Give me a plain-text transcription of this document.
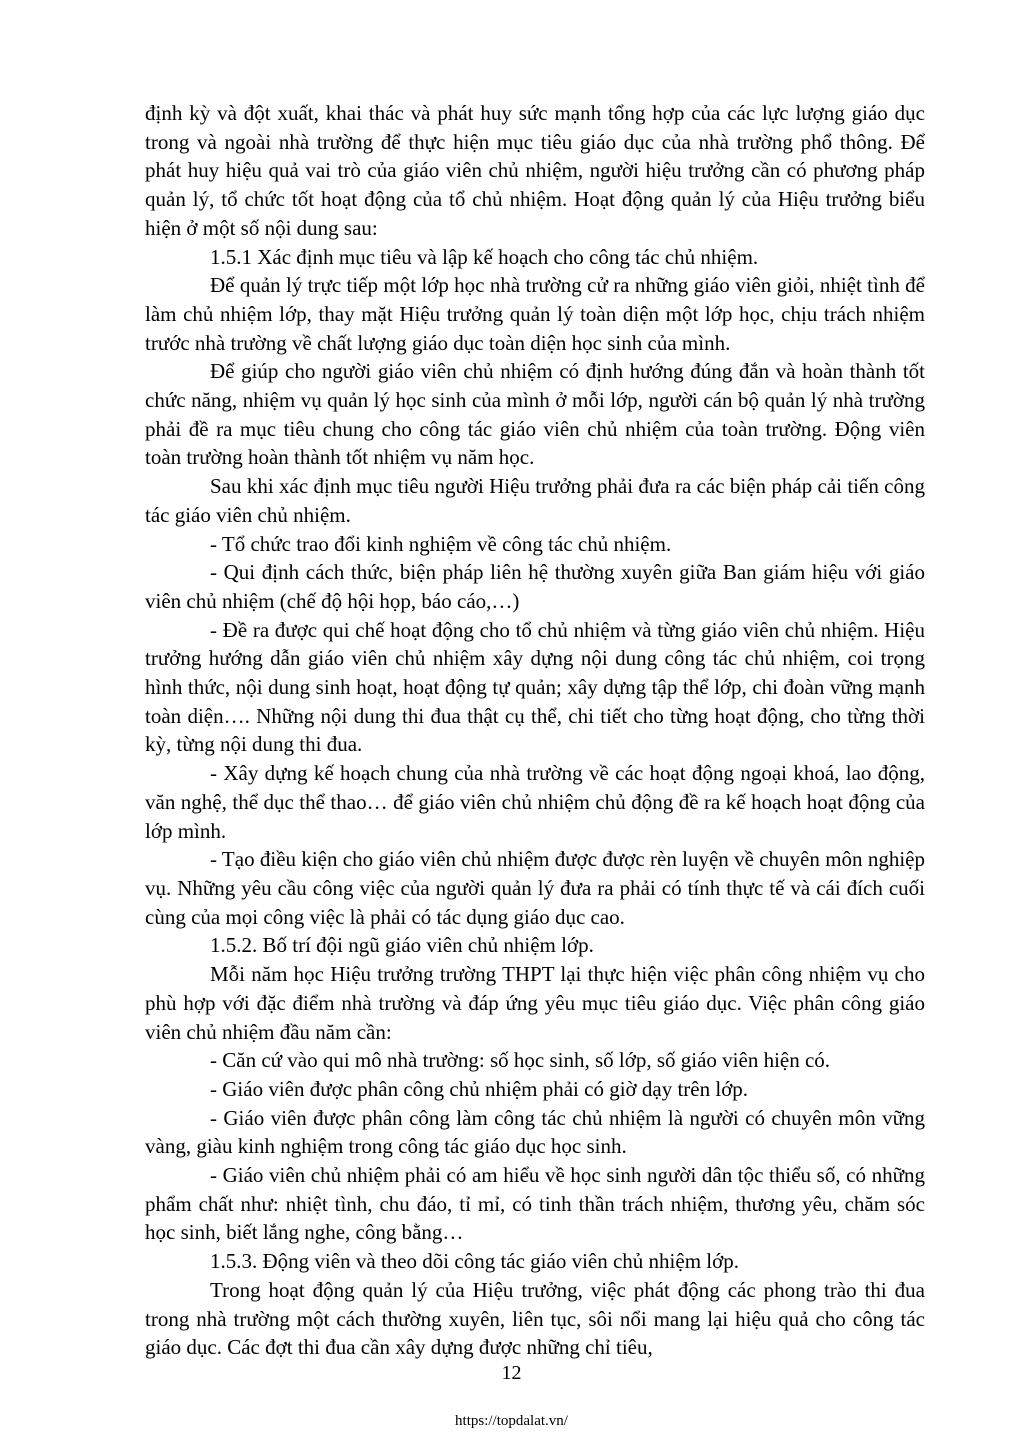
định kỳ và đột xuất, khai thác và phát huy sức mạnh tổng hợp của các lực lượng giáo dục trong và ngoài nhà trường để thực hiện mục tiêu giáo dục của nhà trường phổ thông. Để phát huy hiệu quả vai trò của giáo viên chủ nhiệm, người hiệu trưởng cần có phương pháp quản lý, tổ chức tốt hoạt động của tổ chủ nhiệm. Hoạt động quản lý của Hiệu trưởng biểu hiện ở một số nội dung sau:

1.5.1 Xác định mục tiêu và lập kế hoạch cho công tác chủ nhiệm.

Để quản lý trực tiếp một lớp học nhà trường cử ra những giáo viên giỏi, nhiệt tình để làm chủ nhiệm lớp, thay mặt Hiệu trưởng quản lý toàn diện một lớp học, chịu trách nhiệm trước nhà trường về chất lượng giáo dục toàn diện học sinh của mình.

Để giúp cho người giáo viên chủ nhiệm có định hướng đúng đắn và hoàn thành tốt chức năng, nhiệm vụ quản lý học sinh của mình ở mỗi lớp, người cán bộ quản lý nhà trường phải đề ra mục tiêu chung cho công tác giáo viên chủ nhiệm của toàn trường. Động viên toàn trường hoàn thành tốt nhiệm vụ năm học.

Sau khi xác định mục tiêu người Hiệu trưởng phải đưa ra các biện pháp cải tiến công tác giáo viên chủ nhiệm.

- Tổ chức trao đổi kinh nghiệm về công tác chủ nhiệm.

- Qui định cách thức, biện pháp liên hệ thường xuyên giữa Ban giám hiệu với giáo viên chủ nhiệm (chế độ hội họp, báo cáo,…)

- Đề ra được qui chế hoạt động cho tổ chủ nhiệm và từng giáo viên chủ nhiệm. Hiệu trưởng hướng dẫn giáo viên chủ nhiệm xây dựng nội dung công tác chủ nhiệm, coi trọng hình thức, nội dung sinh hoạt, hoạt động tự quản; xây dựng tập thể lớp, chi đoàn vững mạnh toàn diện…. Những nội dung thi đua thật cụ thể, chi tiết cho từng hoạt động, cho từng thời kỳ, từng nội dung thi đua.

- Xây dựng kế hoạch chung của nhà trường về các hoạt động ngoại khoá, lao động, văn nghệ, thể dục thể thao… để giáo viên chủ nhiệm chủ động đề ra kế hoạch hoạt động của lớp mình.

- Tạo điều kiện cho giáo viên chủ nhiệm được được rèn luyện về chuyên môn nghiệp vụ. Những yêu cầu công việc của người quản lý đưa ra phải có tính thực tế và cái đích cuối cùng của mọi công việc là phải có tác dụng giáo dục cao.

1.5.2. Bố trí đội ngũ giáo viên chủ nhiệm lớp.

Mỗi năm học Hiệu trưởng trường THPT lại thực hiện việc phân công nhiệm vụ cho phù hợp với đặc điểm nhà trường và đáp ứng yêu mục tiêu giáo dục. Việc phân công giáo viên chủ nhiệm đầu năm cần:

- Căn cứ vào qui mô nhà trường: số học sinh, số lớp, số giáo viên hiện có.

- Giáo viên được phân công chủ nhiệm phải có giờ dạy trên lớp.

- Giáo viên được phân công làm công tác chủ nhiệm là người có chuyên môn vững vàng, giàu kinh nghiệm trong công tác giáo dục học sinh.

- Giáo viên chủ nhiệm phải có am hiểu về học sinh người dân tộc thiểu số, có những phẩm chất như: nhiệt tình, chu đáo, tỉ mỉ, có tinh thần trách nhiệm, thương yêu, chăm sóc học sinh, biết lắng nghe, công bằng…

1.5.3. Động viên và theo dõi công tác giáo viên chủ nhiệm lớp.

Trong hoạt động quản lý của Hiệu trưởng, việc phát động các phong trào thi đua trong nhà trường một cách thường xuyên, liên tục, sôi nổi mang lại hiệu quả cho công tác giáo dục. Các đợt thi đua cần xây dựng được những chỉ tiêu,

12
https://topdalat.vn/
